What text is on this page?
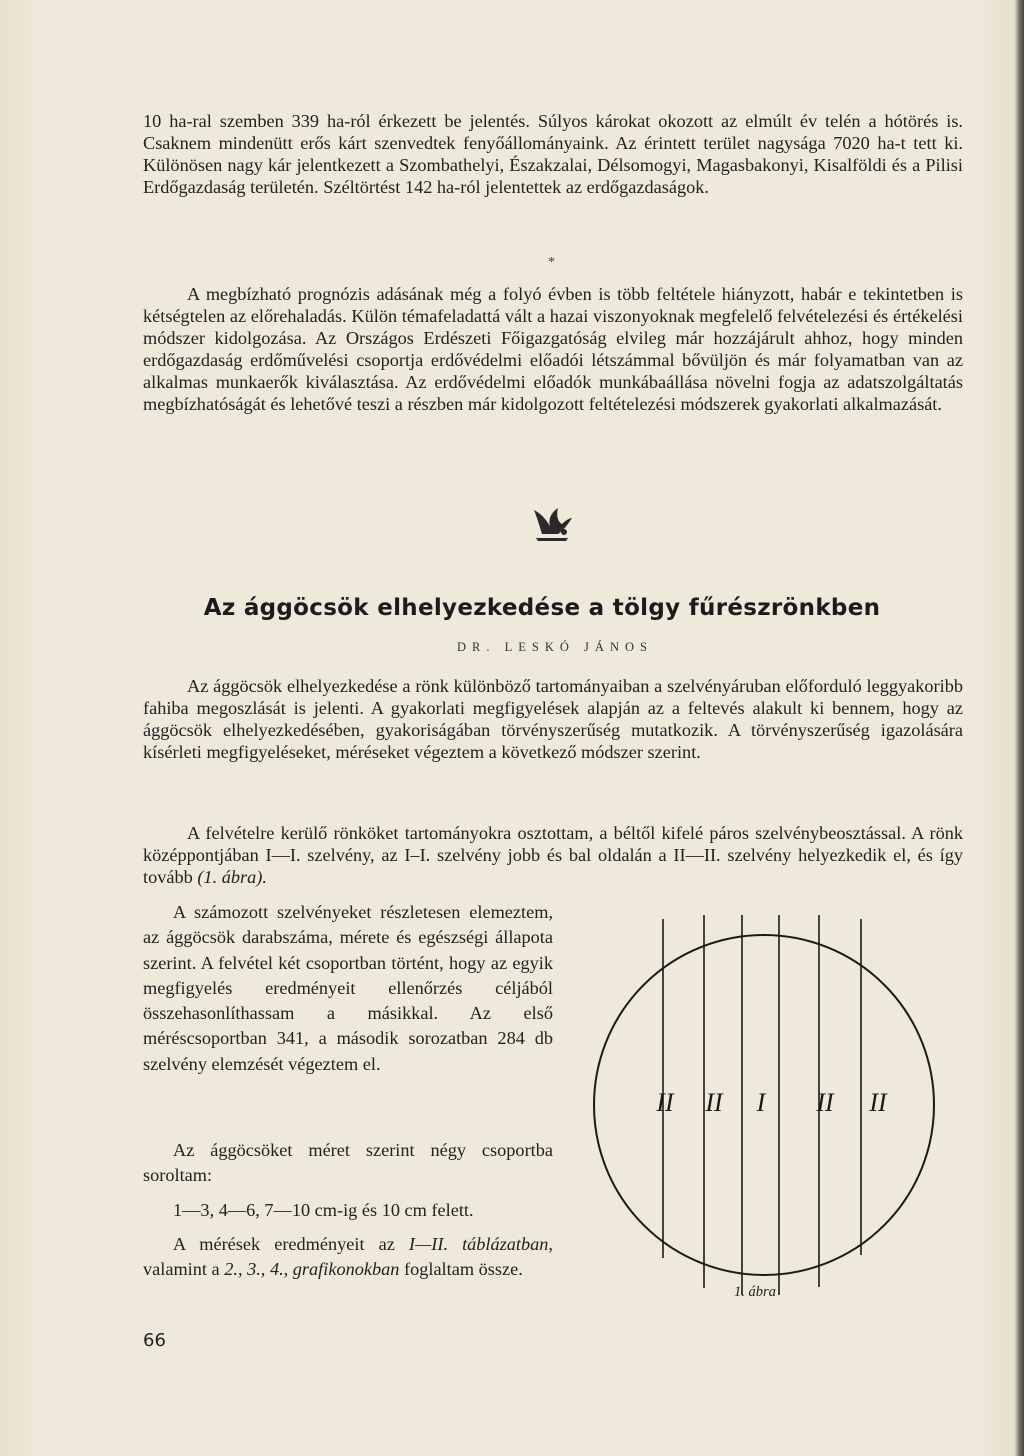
10 ha-ral szemben 339 ha-ról érkezett be jelentés. Súlyos károkat okozott az elmúlt év telén a hótörés is. Csaknem mindenütt erős kárt szenvedtek fenyőállományaink. Az érintett terület nagysága 7020 ha-t tett ki. Különösen nagy kár jelentkezett a Szombathelyi, Északzalai, Délsomogyi, Magasbakonyi, Kisalföldi és a Pilisi Erdőgazdaság területén. Széltörtést 142 ha-ról jelentettek az erdőgazdaságok.

*

A megbízható prognózis adásának még a folyó évben is több feltétele hiányzott, habár e tekintetben is kétségtelen az előrehaladás. Külön témafeladattá vált a hazai viszonyoknak megfelelő felvételezési és értékelési módszer kidolgozása. Az Országos Erdészeti Főigazgatóság elvileg már hozzájárult ahhoz, hogy minden erdőgazdaság erdőművelési csoportja erdővédelmi előadói létszámmal bővüljön és már folyamatban van az alkalmas munkaerők kiválasztása. Az erdővédelmi előadók munkábaállása növelni fogja az adatszolgáltatás megbízhatóságát és lehetővé teszi a részben már kidolgozott feltételezési módszerek gyakorlati alkalmazását.

Az ággöcsök elhelyezkedése a tölgy fűrészrönkben
DR. LESKÓ JÁNOS

Az ággöcsök elhelyezkedése a rönk különböző tartományaiban a szelvényáruban előforduló leggyakoribb fahiba megoszlását is jelenti. A gyakorlati megfigyelések alapján az a feltevés alakult ki bennem, hogy az ággöcsök elhelyezkedésében, gyakoriságában törvényszerűség mutatkozik. A törvényszerűség igazolására kísérleti megfigyeléseket, méréseket végeztem a következő módszer szerint.

A felvételre kerülő rönköket tartományokra osztottam, a béltől kifelé páros szelvénybeosztással. A rönk középpontjában I—I. szelvény, az I–I. szelvény jobb és bal oldalán a II—II. szelvény helyezkedik el, és így tovább (1. ábra).

A számozott szelvényeket részletesen elemeztem, az ággöcsök darabszáma, mérete és egészségi állapota szerint. A felvétel két csoportban történt, hogy az egyik megfigyelés eredményeit ellenőrzés céljából összehasonlíthassam a másikkal. Az első méréscsoportban 341, a második sorozatban 284 db szelvény elemzését végeztem el.

Az ággöcsöket méret szerint négy csoportba soroltam:

1—3, 4—6, 7—10 cm-ig és 10 cm felett.

A mérések eredményeit az I—II. táblázatban, valamint a 2., 3., 4., grafikonokban foglaltam össze.

II II I II II
1. ábra
66
